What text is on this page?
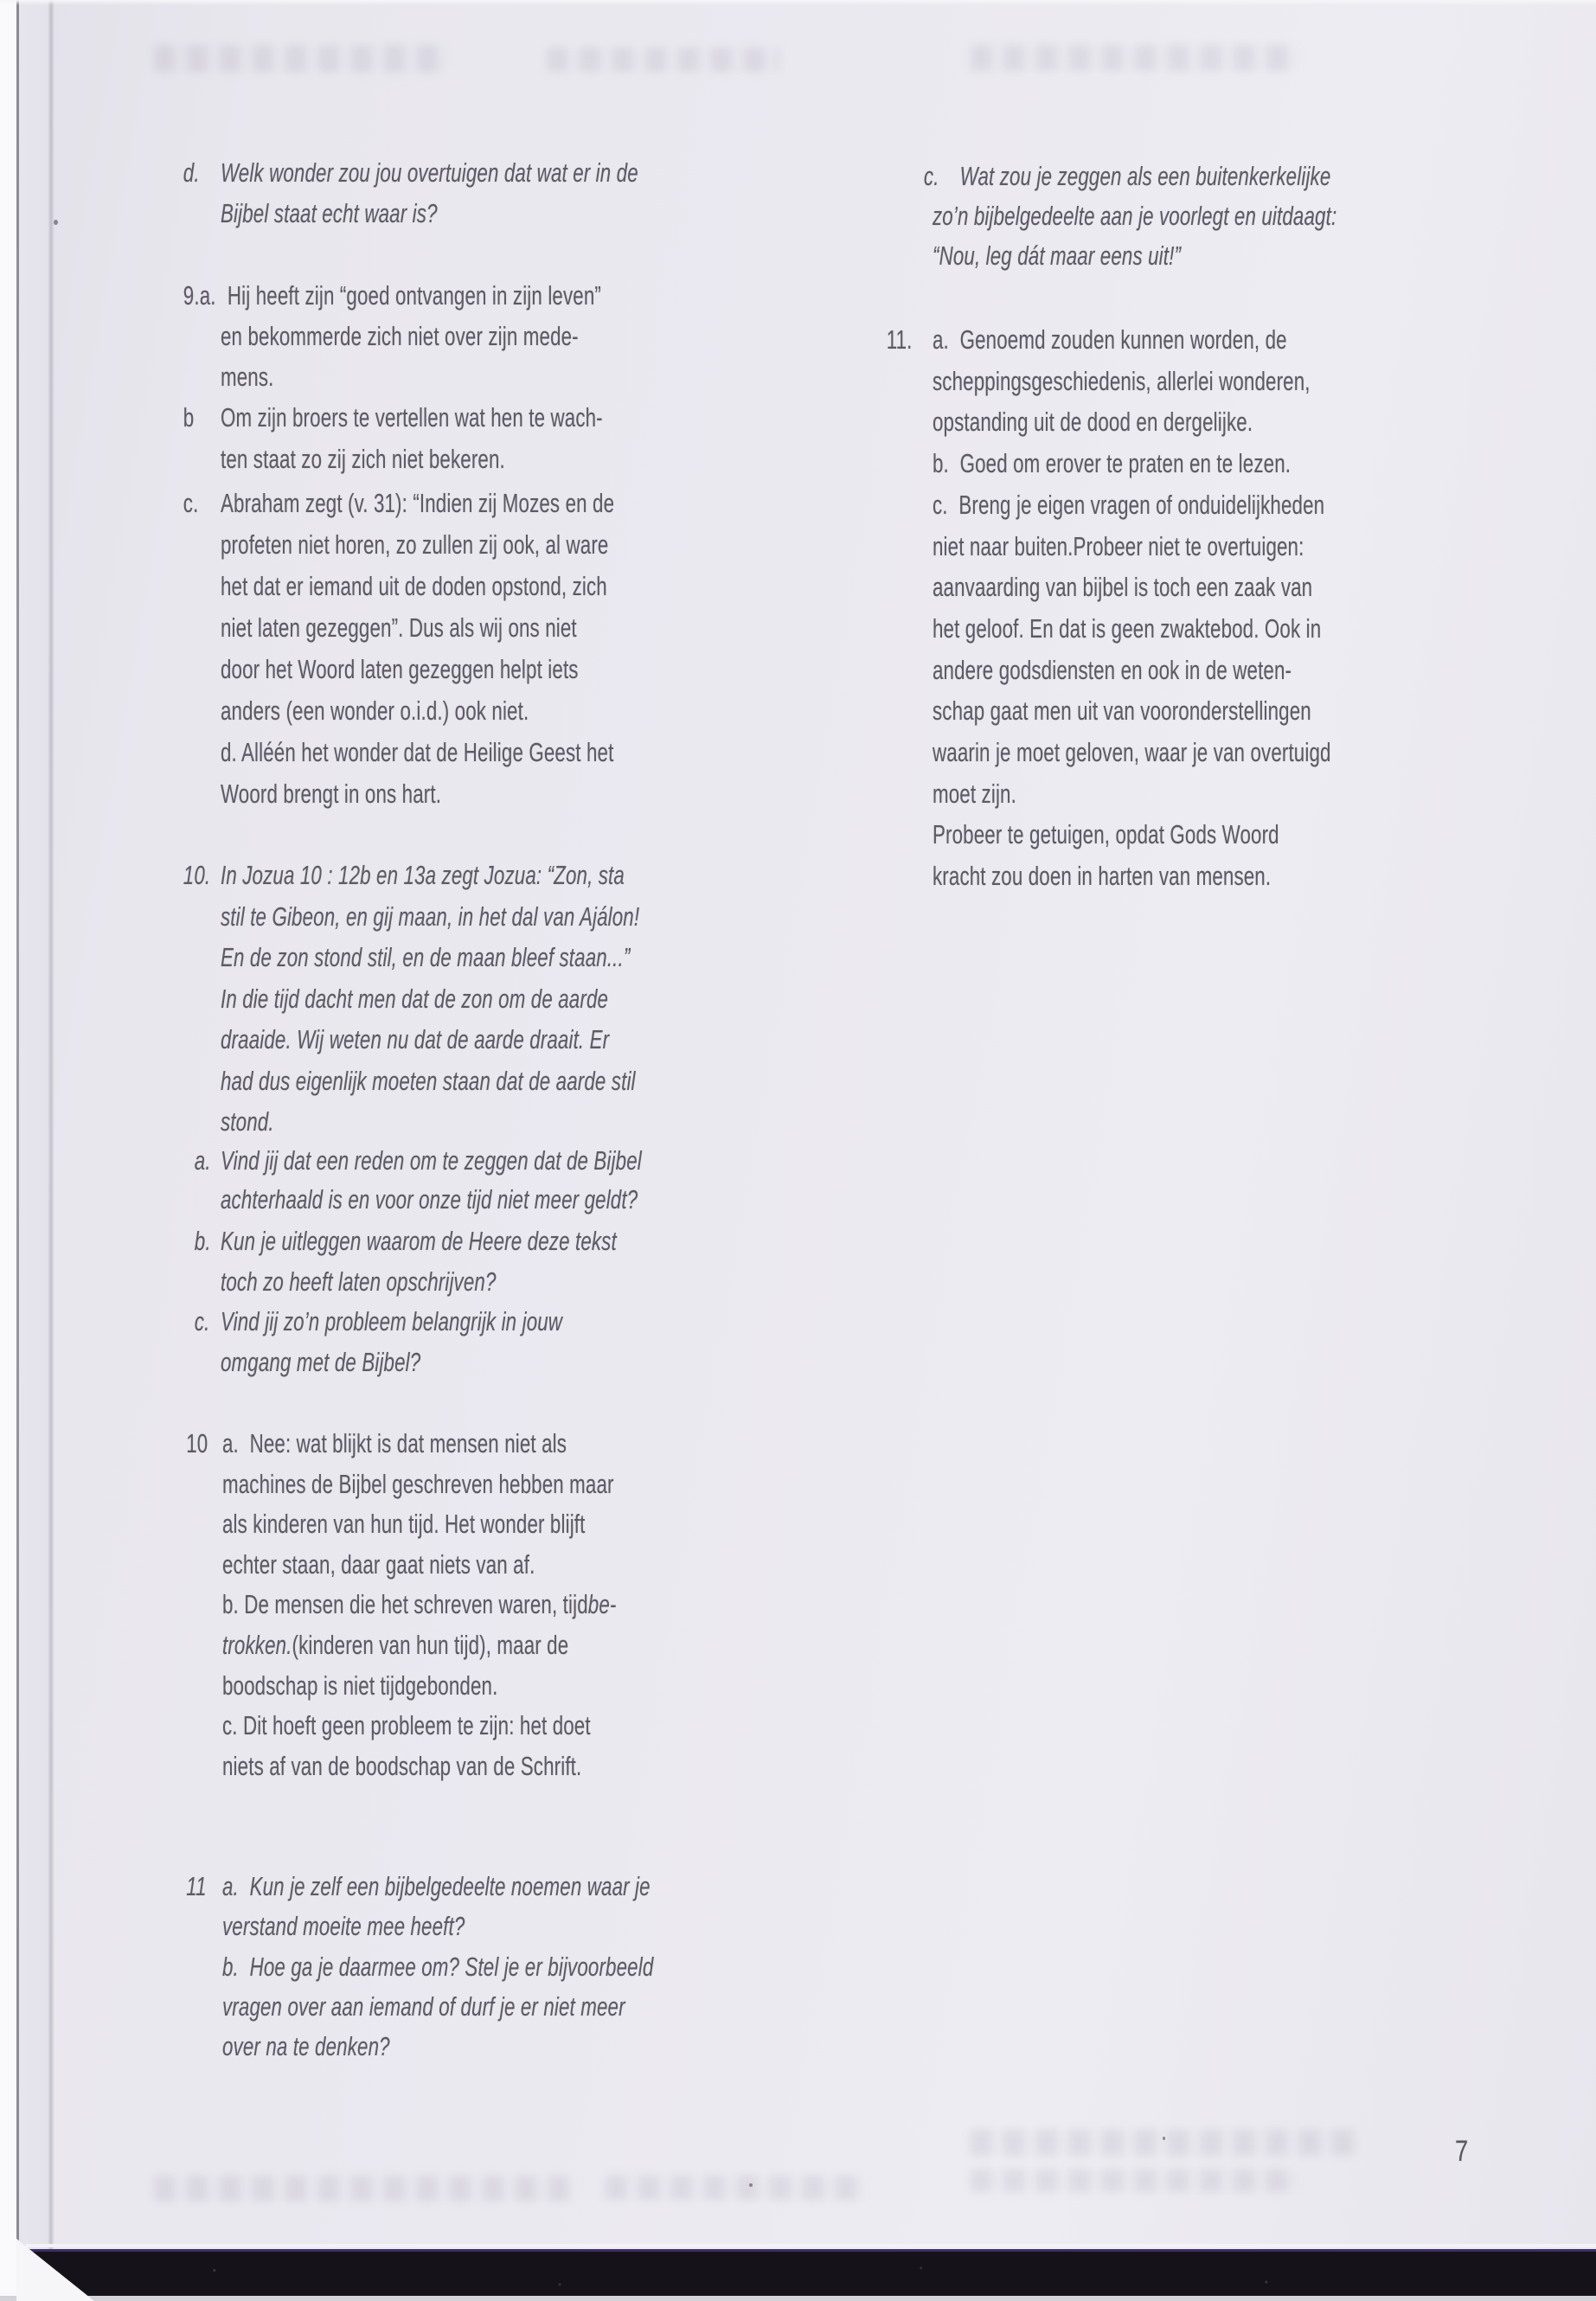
d. Welk wonder zou jou overtuigen dat wat er in de
Bijbel staat echt waar is?
9.a. Hij heeft zijn “goed ontvangen in zijn leven”
en bekommerde zich niet over zijn mede-
mens.
b Om zijn broers te vertellen wat hen te wach-
ten staat zo zij zich niet bekeren.
c. Abraham zegt (v. 31): “Indien zij Mozes en de
profeten niet horen, zo zullen zij ook, al ware
het dat er iemand uit de doden opstond, zich
niet laten gezeggen”. Dus als wij ons niet
door het Woord laten gezeggen helpt iets
anders (een wonder o.i.d.) ook niet.
d. Alléén het wonder dat de Heilige Geest het
Woord brengt in ons hart.
10. In Jozua 10 : 12b en 13a zegt Jozua: “Zon, sta
stil te Gibeon, en gij maan, in het dal van Ajálon!
En de zon stond stil, en de maan bleef staan...”
In die tijd dacht men dat de zon om de aarde
draaide. Wij weten nu dat de aarde draait. Er
had dus eigenlijk moeten staan dat de aarde stil
stond.
a. Vind jij dat een reden om te zeggen dat de Bijbel
achterhaald is en voor onze tijd niet meer geldt?
b. Kun je uitleggen waarom de Heere deze tekst
toch zo heeft laten opschrijven?
c. Vind jij zo’n probleem belangrijk in jouw
omgang met de Bijbel?
10 a.  Nee: wat blijkt is dat mensen niet als
machines de Bijbel geschreven hebben maar
als kinderen van hun tijd. Het wonder blijft
echter staan, daar gaat niets van af.
b. De mensen die het schreven waren, tijdbe-
trokken.(kinderen van hun tijd), maar de
boodschap is niet tijdgebonden.
c. Dit hoeft geen probleem te zijn: het doet
niets af van de boodschap van de Schrift.
11 a.  Kun je zelf een bijbelgedeelte noemen waar je
verstand moeite mee heeft?
b.  Hoe ga je daarmee om? Stel je er bijvoorbeeld
vragen over aan iemand of durf je er niet meer
over na te denken?
c. Wat zou je zeggen als een buitenkerkelijke
zo’n bijbelgedeelte aan je voorlegt en uitdaagt:
“Nou, leg dát maar eens uit!”
11. a.  Genoemd zouden kunnen worden, de
scheppingsgeschiedenis, allerlei wonderen,
opstanding uit de dood en dergelijke.
b.  Goed om erover te praten en te lezen.
c.  Breng je eigen vragen of onduidelijkheden
niet naar buiten.Probeer niet te overtuigen:
aanvaarding van bijbel is toch een zaak van
het geloof. En dat is geen zwaktebod. Ook in
andere godsdiensten en ook in de weten-
schap gaat men uit van vooronderstellingen
waarin je moet geloven, waar je van overtuigd
moet zijn.
Probeer te getuigen, opdat Gods Woord
kracht zou doen in harten van mensen.
7
